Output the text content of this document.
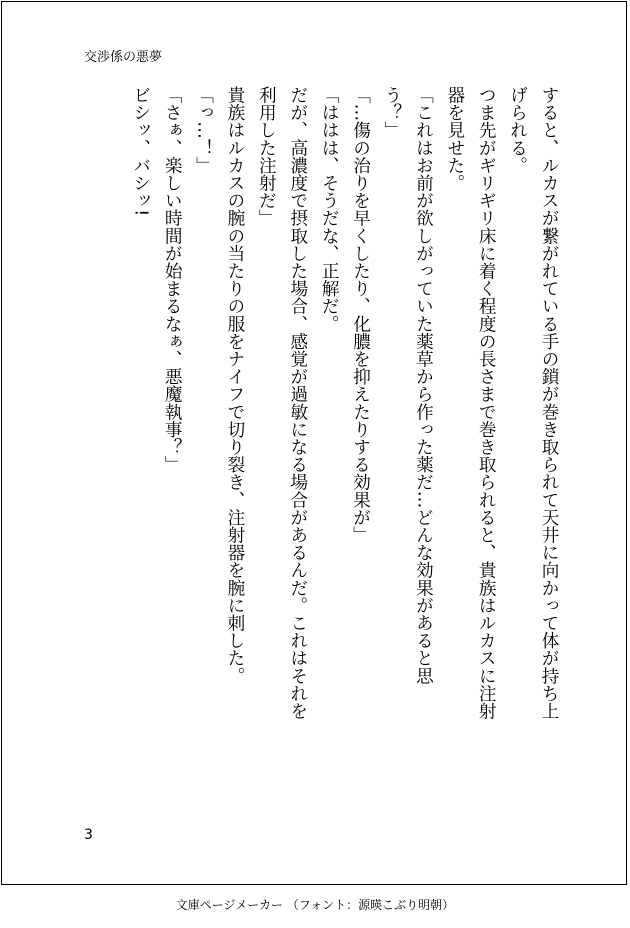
交渉係の悪夢

すると、ルカスが繋がれている手の鎖が巻き取られて天井に向かって体が持ち上げられる。

つま先がギリギリ床に着く程度の長さまで巻き取られると、貴族はルカスに注射器を見せた。

「これはお前が欲しがっていた薬草から作った薬だ…どんな効果があると思う？」

「…傷の治りを早くしたり、化膿を抑えたりする効果が」

「ははは、そうだな、正解だ。

だが、高濃度で摂取した場合、感覚が過敏になる場合があるんだ。これはそれを利用した注射だ」

貴族はルカスの腕の当たりの服をナイフで切り裂き、注射器を腕に刺した。

「っ…！」

「さぁ、楽しい時間が始まるなぁ、悪魔執事？」

ビシッ、バシッ!

3
文庫ページメーカー （フォント：源暎こぶり明朝）
